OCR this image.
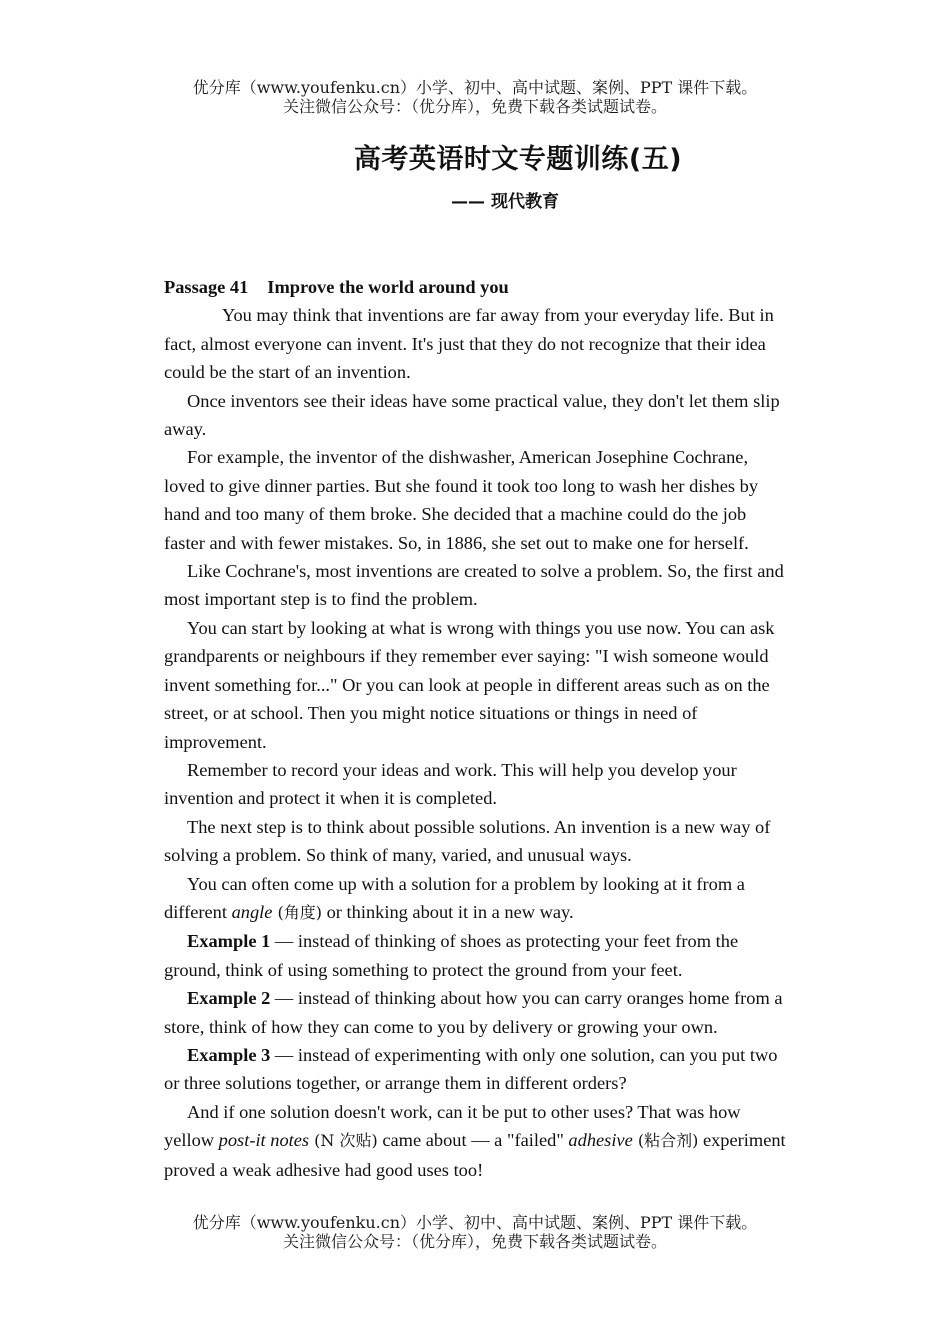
优分库（www.youfenku.cn）小学、初中、高中试题、案例、PPT 课件下载。
关注微信公众号：（优分库），免费下载各类试题试卷。
高考英语时文专题训练(五)
—— 现代教育
Passage 41 Improve the world around you

You may think that inventions are far away from your everyday life. But in fact, almost everyone can invent. It's just that they do not recognize that their idea could be the start of an invention.

Once inventors see their ideas have some practical value, they don't let them slip away.

For example, the inventor of the dishwasher, American Josephine Cochrane, loved to give dinner parties. But she found it took too long to wash her dishes by hand and too many of them broke. She decided that a machine could do the job faster and with fewer mistakes. So, in 1886, she set out to make one for herself.

Like Cochrane's, most inventions are created to solve a problem. So, the first and most important step is to find the problem.

You can start by looking at what is wrong with things you use now. You can ask grandparents or neighbours if they remember ever saying: "I wish someone would invent something for..." Or you can look at people in different areas such as on the street, or at school. Then you might notice situations or things in need of improvement.

Remember to record your ideas and work. This will help you develop your invention and protect it when it is completed.

The next step is to think about possible solutions. An invention is a new way of solving a problem. So think of many, varied, and unusual ways.

You can often come up with a solution for a problem by looking at it from a different angle (角度) or thinking about it in a new way.

Example 1 — instead of thinking of shoes as protecting your feet from the ground, think of using something to protect the ground from your feet.

Example 2 — instead of thinking about how you can carry oranges home from a store, think of how they can come to you by delivery or growing your own.

Example 3 — instead of experimenting with only one solution, can you put two or three solutions together, or arrange them in different orders?

And if one solution doesn't work, can it be put to other uses? That was how yellow post-it notes (N 次贴) came about — a "failed" adhesive (粘合剂) experiment proved a weak adhesive had good uses too!

优分库（www.youfenku.cn）小学、初中、高中试题、案例、PPT 课件下载。
关注微信公众号：（优分库），免费下载各类试题试卷。
